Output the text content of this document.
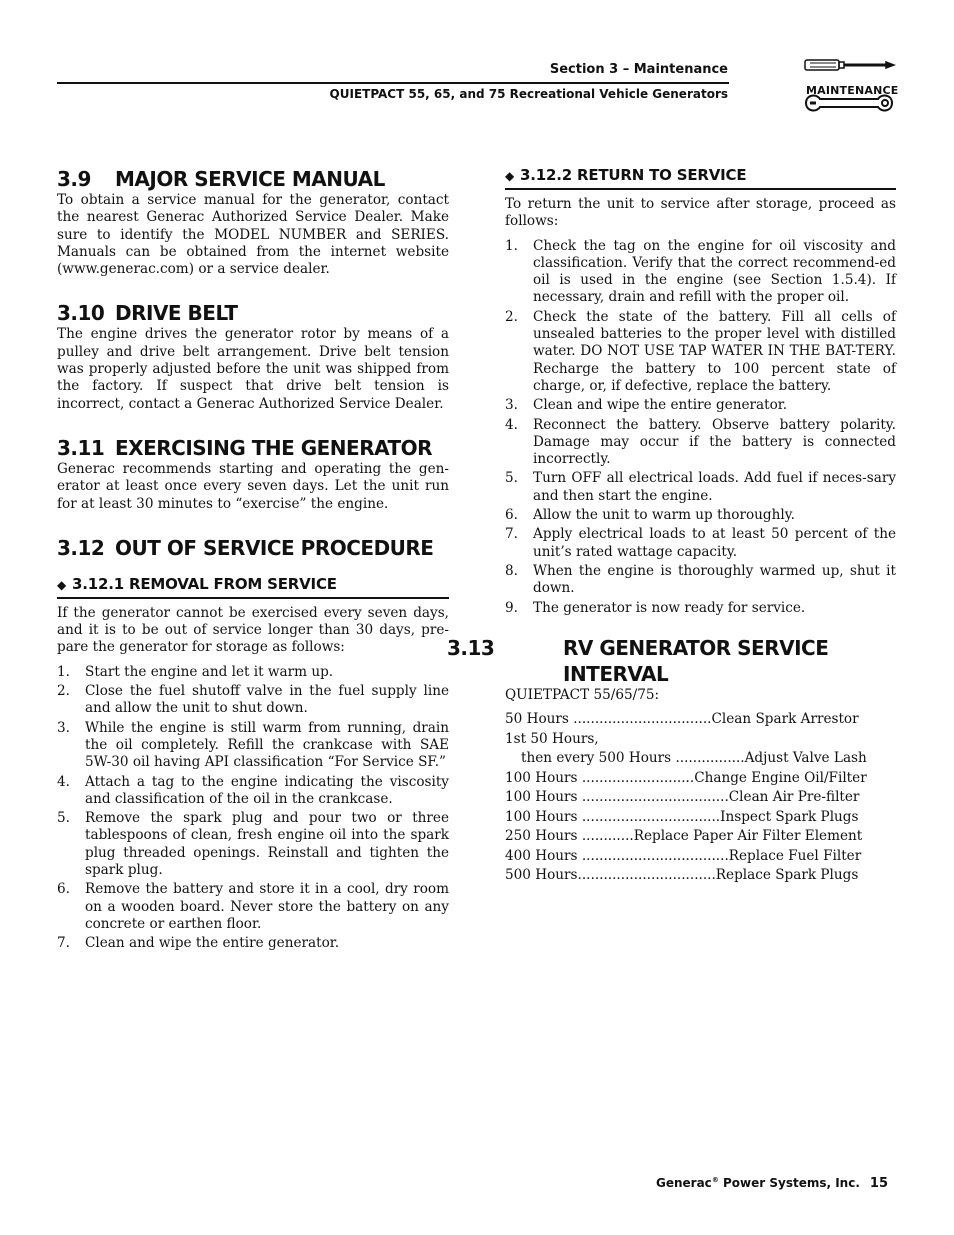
Section 3 – Maintenance
QUIETPACT 55, 65, and 75 Recreational Vehicle Generators	MAINTENANCE
3.9 MAJOR SERVICE MANUAL

To obtain a service manual for the generator, contact the nearest Generac Authorized Service Dealer. Make sure to identify the MODEL NUMBER and SERIES. Manuals can be obtained from the internet website (www.generac.com) or a service dealer.

3.10 DRIVE BELT

The engine drives the generator rotor by means of a pulley and drive belt arrangement. Drive belt tension was properly adjusted before the unit was shipped from the factory. If suspect that drive belt tension is incorrect, contact a Generac Authorized Service Dealer.

3.11 EXERCISING THE GENERATOR

Generac recommends starting and operating the gen-erator at least once every seven days. Let the unit run for at least 30 minutes to “exercise” the engine.

3.12 OUT OF SERVICE PROCEDURE
◆ 3.12.1 REMOVAL FROM SERVICE

If the generator cannot be exercised every seven days, and it is to be out of service longer than 30 days, pre-pare the generator for storage as follows:

1. Start the engine and let it warm up.
2. Close the fuel shutoff valve in the fuel supply line and allow the unit to shut down.
3. While the engine is still warm from running, drain the oil completely. Refill the crankcase with SAE 5W-30 oil having API classification “For Service SF.”
4. Attach a tag to the engine indicating the viscosity and classification of the oil in the crankcase.
5. Remove the spark plug and pour two or three tablespoons of clean, fresh engine oil into the spark plug threaded openings. Reinstall and tighten the spark plug.
6. Remove the battery and store it in a cool, dry room on a wooden board. Never store the battery on any concrete or earthen floor.
7. Clean and wipe the entire generator.
◆ 3.12.2 RETURN TO SERVICE

To return the unit to service after storage, proceed as follows:

1. Check the tag on the engine for oil viscosity and classification. Verify that the correct recommend-ed oil is used in the engine (see Section 1.5.4). If necessary, drain and refill with the proper oil.
2. Check the state of the battery. Fill all cells of unsealed batteries to the proper level with distilled water. DO NOT USE TAP WATER IN THE BAT-TERY. Recharge the battery to 100 percent state of charge, or, if defective, replace the battery.
3. Clean and wipe the entire generator.
4. Reconnect the battery. Observe battery polarity. Damage may occur if the battery is connected incorrectly.
5. Turn OFF all electrical loads. Add fuel if neces-sary and then start the engine.
6. Allow the unit to warm up thoroughly.
7. Apply electrical loads to at least 50 percent of the unit’s rated wattage capacity.
8. When the engine is thoroughly warmed up, shut it down.
9. The generator is now ready for service.
3.13	RV GENERATOR SERVICE INTERVAL

QUIETPACT 55/65/75:

50 Hours ................................Clean Spark Arrestor
1st 50 Hours,
then every 500 Hours ................Adjust Valve Lash
100 Hours ..........................Change Engine Oil/Filter
100 Hours ..................................Clean Air Pre-filter
100 Hours ................................Inspect Spark Plugs
250 Hours ............Replace Paper Air Filter Element
400 Hours ..................................Replace Fuel Filter
500 Hours................................Replace Spark Plugs
Generac® Power Systems, Inc. 15
